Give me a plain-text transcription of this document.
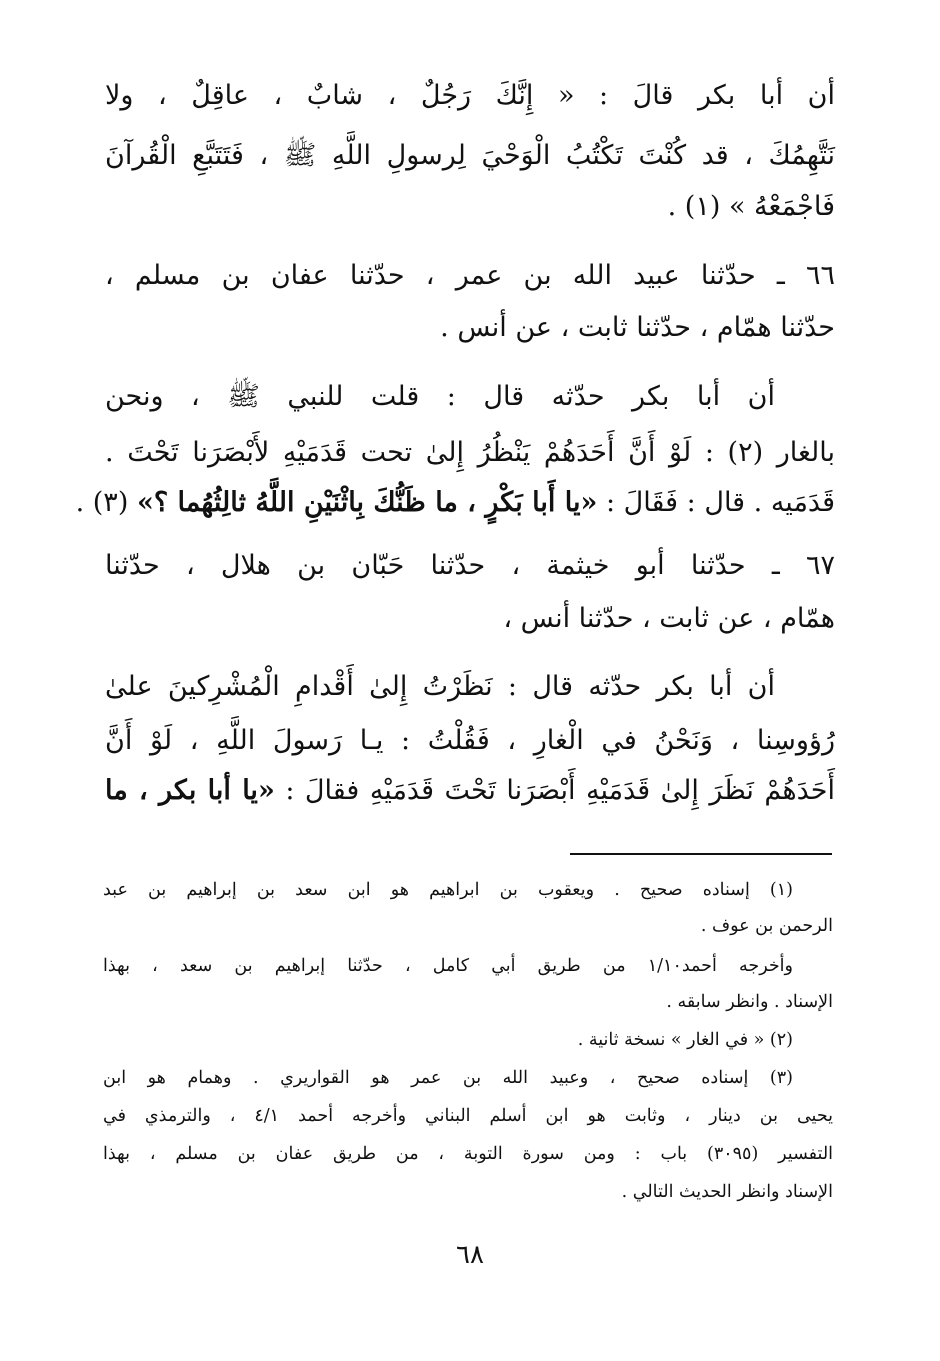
أن أبا بكر قالَ : « إِنَّكَ رَجُلٌ ، شابٌ ، عاقِلٌ ، ولا
نَتَّهِمُكَ ، قد كُنْتَ تَكْتُبُ الْوَحْيَ لِرسولِ اللَّهِ ﷺ ، فَتَتَبَّعِ الْقُرآنَ
فَاجْمَعْهُ » (١) .
٦٦ ـ حدّثنا عبيد الله بن عمر ، حدّثنا عفان بن مسلم ،
حدّثنا همّام ، حدّثنا ثابت ، عن أنس .
أن أبا بكر حدّثه قال : قلت للنبي ﷺ ، ونحن
بالغار (٢) : لَوْ أَنَّ أَحَدَهُمْ يَنْظُرُ إِلىٰ تحت قَدَمَيْهِ لأَبْصَرَنا تَحْتَ .
قَدَمَيه . قال : فَقَالَ : «يا أَبا بَكْرٍ ، ما ظَنُّكَ بِاثْنَيْنِ اللَّهُ ثالِثُهُما ؟» (٣) .
٦٧ ـ حدّثنا أبو خيثمة ، حدّثنا حَبّان بن هلال ، حدّثنا
همّام ، عن ثابت ، حدّثنا أنس ،
أن أبا بكر حدّثه قال : نَظَرْتُ إِلىٰ أَقْدامِ الْمُشْرِكينَ علىٰ
رُؤوسِنا ، وَنَحْنُ في الْغارِ ، فَقُلْتُ : يـا رَسولَ اللَّهِ ، لَوْ أَنَّ
أَحَدَهُمْ نَظَرَ إِلىٰ قَدَمَيْهِ أَبْصَرَنا تَحْتَ قَدَمَيْهِ فقالَ : «يا أبا بكر ، ما
(١) إسناده صحيح . ويعقوب بن ابراهيم هو ابن سعد بن إبراهيم بن عبد
الرحمن بن عوف .
وأخرجه أحمد١/١٠ من طريق أبي كامل ، حدّثنا إبراهيم بن سعد ، بهذا
الإسناد . وانظر سابقه .
(٢) « في الغار » نسخة ثانية .
(٣) إسناده صحيح ، وعبيد الله بن عمر هو القواريري . وهمام هو ابن
يحيى بن دينار ، وثابت هو ابن أسلم البناني وأخرجه أحمد ٤/١ ، والترمذي في
التفسير (٣٠٩٥) باب : ومن سورة التوبة ، من طريق عفان بن مسلم ، بهذا
الإسناد وانظر الحديث التالي .
٦٨
